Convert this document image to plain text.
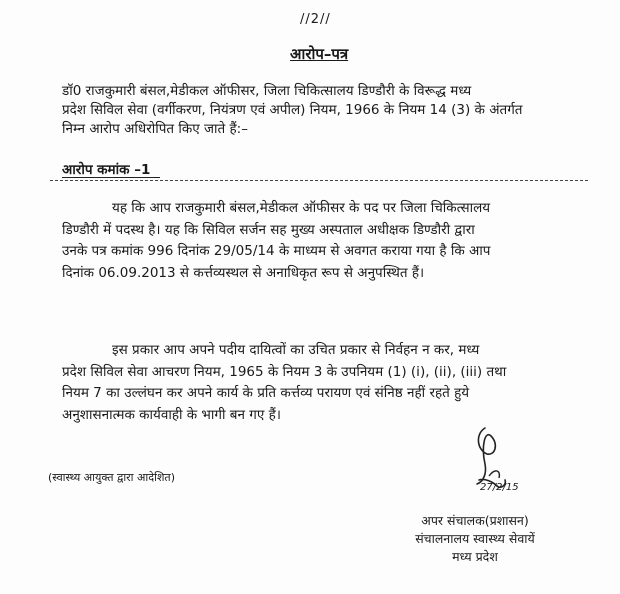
//2//
आरोप–पत्र
डॉ0 राजकुमारी बंसल,मेडीकल ऑफीसर, जिला चिकित्सालय डिण्डौरी के विरूद्ध मध्य
प्रदेश सिविल सेवा (वर्गीकरण, नियंत्रण एवं अपील) नियम, 1966 के नियम 14 (3) के अंतर्गत
निम्न आरोप अधिरोपित किए जाते हैं:–
आरोप कमांक –1
यह कि आप राजकुमारी बंसल,मेडीकल ऑफीसर के पद पर जिला चिकित्सालय
डिण्डौरी में पदस्थ है। यह कि सिविल सर्जन सह मुख्य अस्पताल अधीक्षक डिण्डौरी द्वारा
उनके पत्र कमांक 996 दिनांक 29/05/14 के माध्यम से अवगत कराया गया है कि आप
दिनांक 06.09.2013 से कर्त्तव्यस्थल से अनाधिकृत रूप से अनुपस्थित हैं।
इस प्रकार आप अपने पदीय दायित्वों का उचित प्रकार से निर्वहन न कर, मध्य
प्रदेश सिविल सेवा आचरण नियम, 1965 के नियम 3 के उपनियम (1) (i), (ii), (iii) तथा
नियम 7 का उल्लंघन कर अपने कार्य के प्रति कर्त्तव्य परायण एवं संनिष्ठ नहीं रहते हुये
अनुशासनात्मक कार्यवाही के भागी बन गए हैं।
(स्वास्थ्य आयुक्त द्वारा आदेशित)
27/2/15
अपर संचालक(प्रशासन)
संचालनालय स्वास्थ्य सेवायें
मध्य प्रदेश
